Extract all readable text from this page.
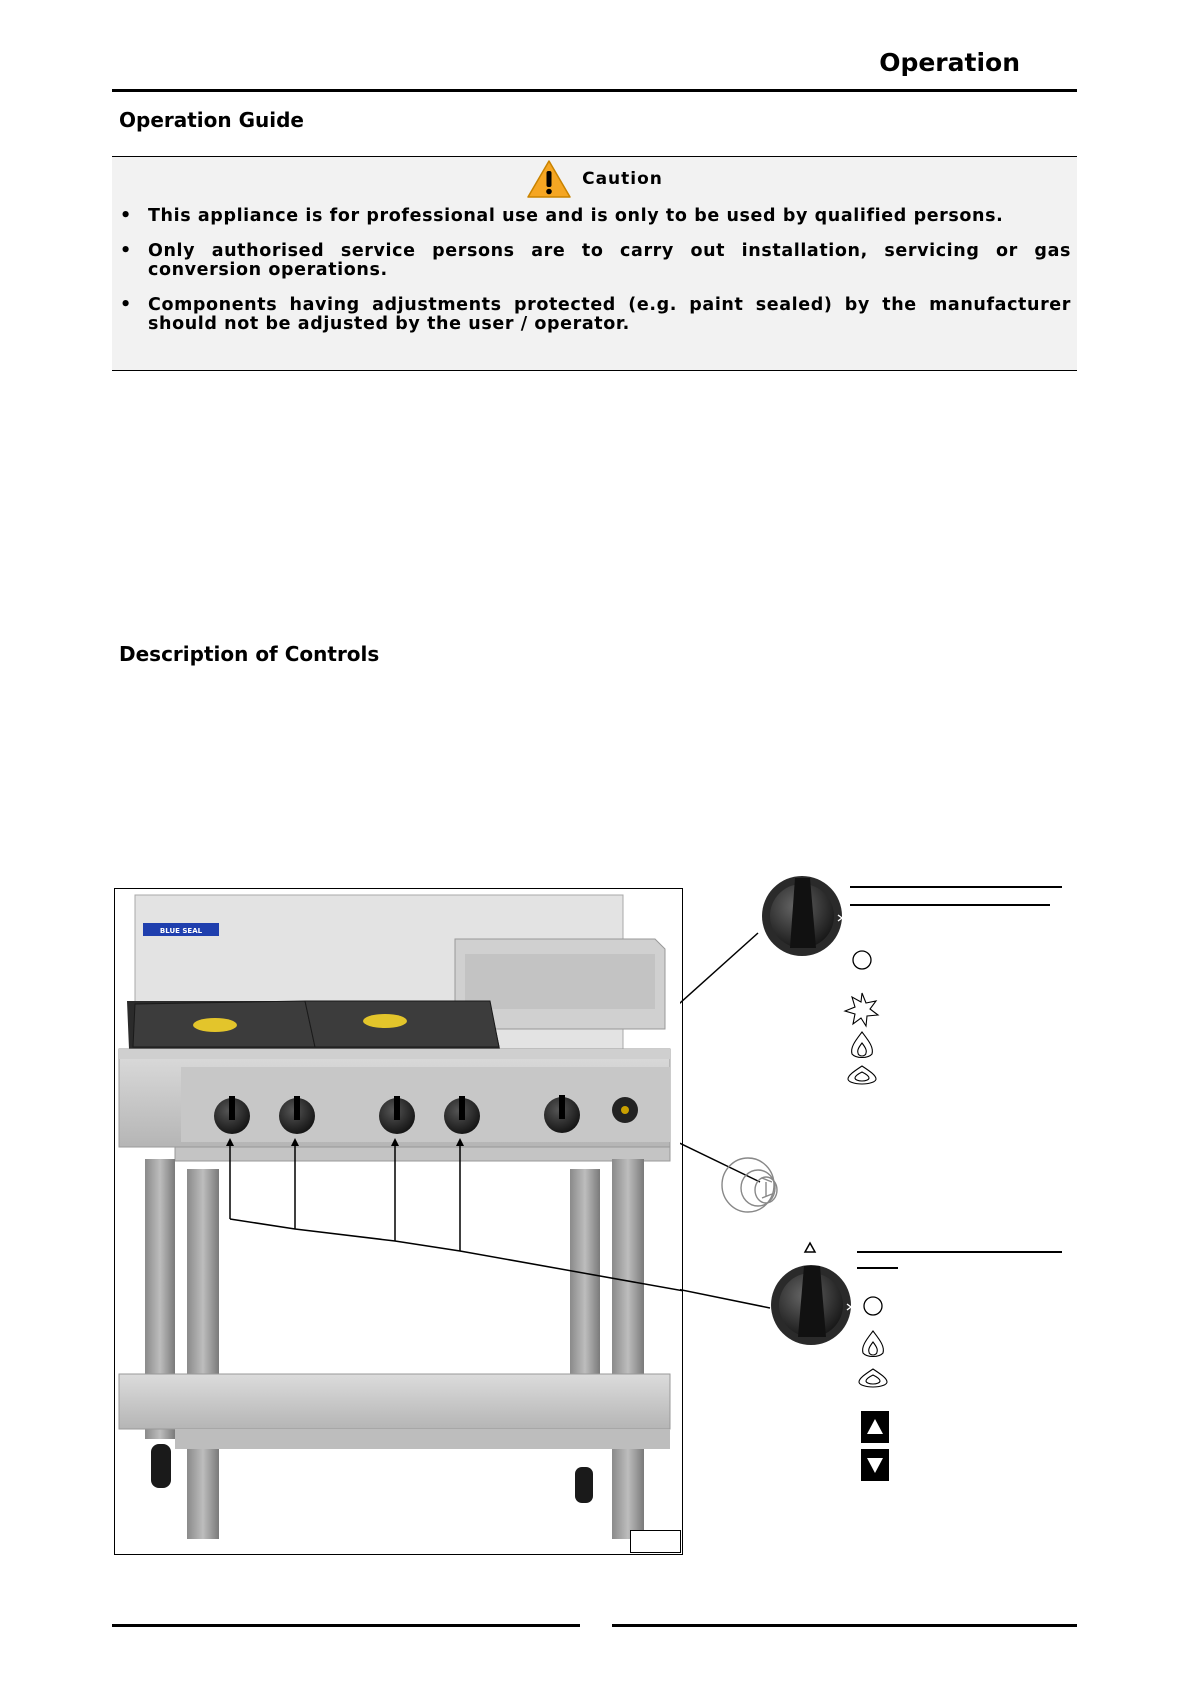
Operation
Operation Guide
Caution
• This appliance is for professional use and is only to be used by qualified persons.
• Only authorised service persons are to carry out installation, servicing or gas conversion operations.
• Components having adjustments protected (e.g. paint sealed) by the manufacturer should not be adjusted by the user / operator.
Description of Controls
BLUE SEAL
